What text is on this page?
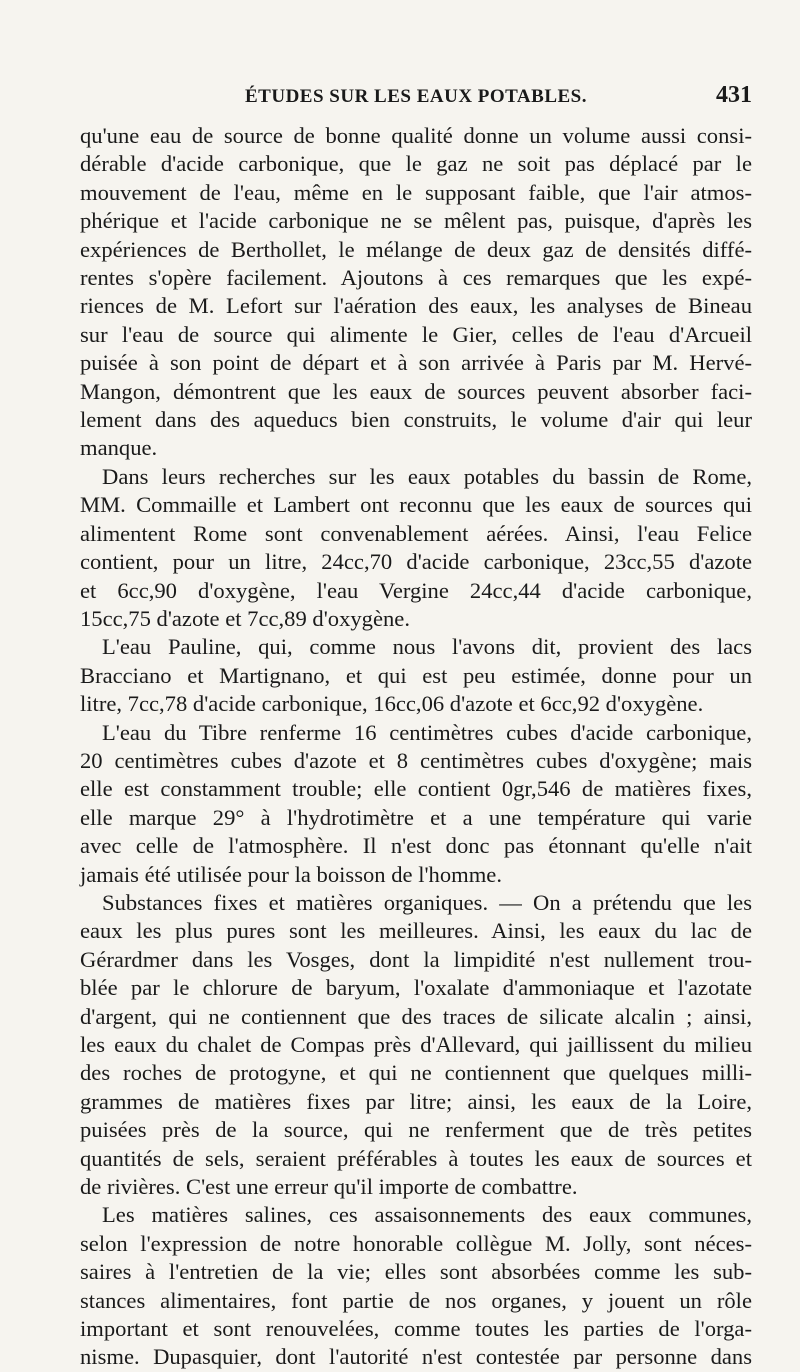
ÉTUDES SUR LES EAUX POTABLES.	431
qu'une eau de source de bonne qualité donne un volume aussi consi-
dérable d'acide carbonique, que le gaz ne soit pas déplacé par le
mouvement de l'eau, même en le supposant faible, que l'air atmos-
phérique et l'acide carbonique ne se mêlent pas, puisque, d'après les
expériences de Berthollet, le mélange de deux gaz de densités diffé-
rentes s'opère facilement. Ajoutons à ces remarques que les expé-
riences de M. Lefort sur l'aération des eaux, les analyses de Bineau
sur l'eau de source qui alimente le Gier, celles de l'eau d'Arcueil
puisée à son point de départ et à son arrivée à Paris par M. Hervé-
Mangon, démontrent que les eaux de sources peuvent absorber faci-
lement dans des aqueducs bien construits, le volume d'air qui leur
manque.
Dans leurs recherches sur les eaux potables du bassin de Rome,
MM. Commaille et Lambert ont reconnu que les eaux de sources qui
alimentent Rome sont convenablement aérées. Ainsi, l'eau Felice
contient, pour un litre, 24cc,70 d'acide carbonique, 23cc,55 d'azote
et 6cc,90 d'oxygène, l'eau Vergine 24cc,44 d'acide carbonique,
15cc,75 d'azote et 7cc,89 d'oxygène.
L'eau Pauline, qui, comme nous l'avons dit, provient des lacs
Bracciano et Martignano, et qui est peu estimée, donne pour un
litre, 7cc,78 d'acide carbonique, 16cc,06 d'azote et 6cc,92 d'oxygène.
L'eau du Tibre renferme 16 centimètres cubes d'acide carbonique,
20 centimètres cubes d'azote et 8 centimètres cubes d'oxygène; mais
elle est constamment trouble; elle contient 0gr,546 de matières fixes,
elle marque 29° à l'hydrotimètre et a une température qui varie
avec celle de l'atmosphère. Il n'est donc pas étonnant qu'elle n'ait
jamais été utilisée pour la boisson de l'homme.
Substances fixes et matières organiques. — On a prétendu que les
eaux les plus pures sont les meilleures. Ainsi, les eaux du lac de
Gérardmer dans les Vosges, dont la limpidité n'est nullement trou-
blée par le chlorure de baryum, l'oxalate d'ammoniaque et l'azotate
d'argent, qui ne contiennent que des traces de silicate alcalin ; ainsi,
les eaux du chalet de Compas près d'Allevard, qui jaillissent du milieu
des roches de protogyne, et qui ne contiennent que quelques milli-
grammes de matières fixes par litre; ainsi, les eaux de la Loire,
puisées près de la source, qui ne renferment que de très petites
quantités de sels, seraient préférables à toutes les eaux de sources et
de rivières. C'est une erreur qu'il importe de combattre.
Les matières salines, ces assaisonnements des eaux communes,
selon l'expression de notre honorable collègue M. Jolly, sont néces-
saires à l'entretien de la vie; elles sont absorbées comme les sub-
stances alimentaires, font partie de nos organes, y jouent un rôle
important et sont renouvelées, comme toutes les parties de l'orga-
nisme. Dupasquier, dont l'autorité n'est contestée par personne dans
